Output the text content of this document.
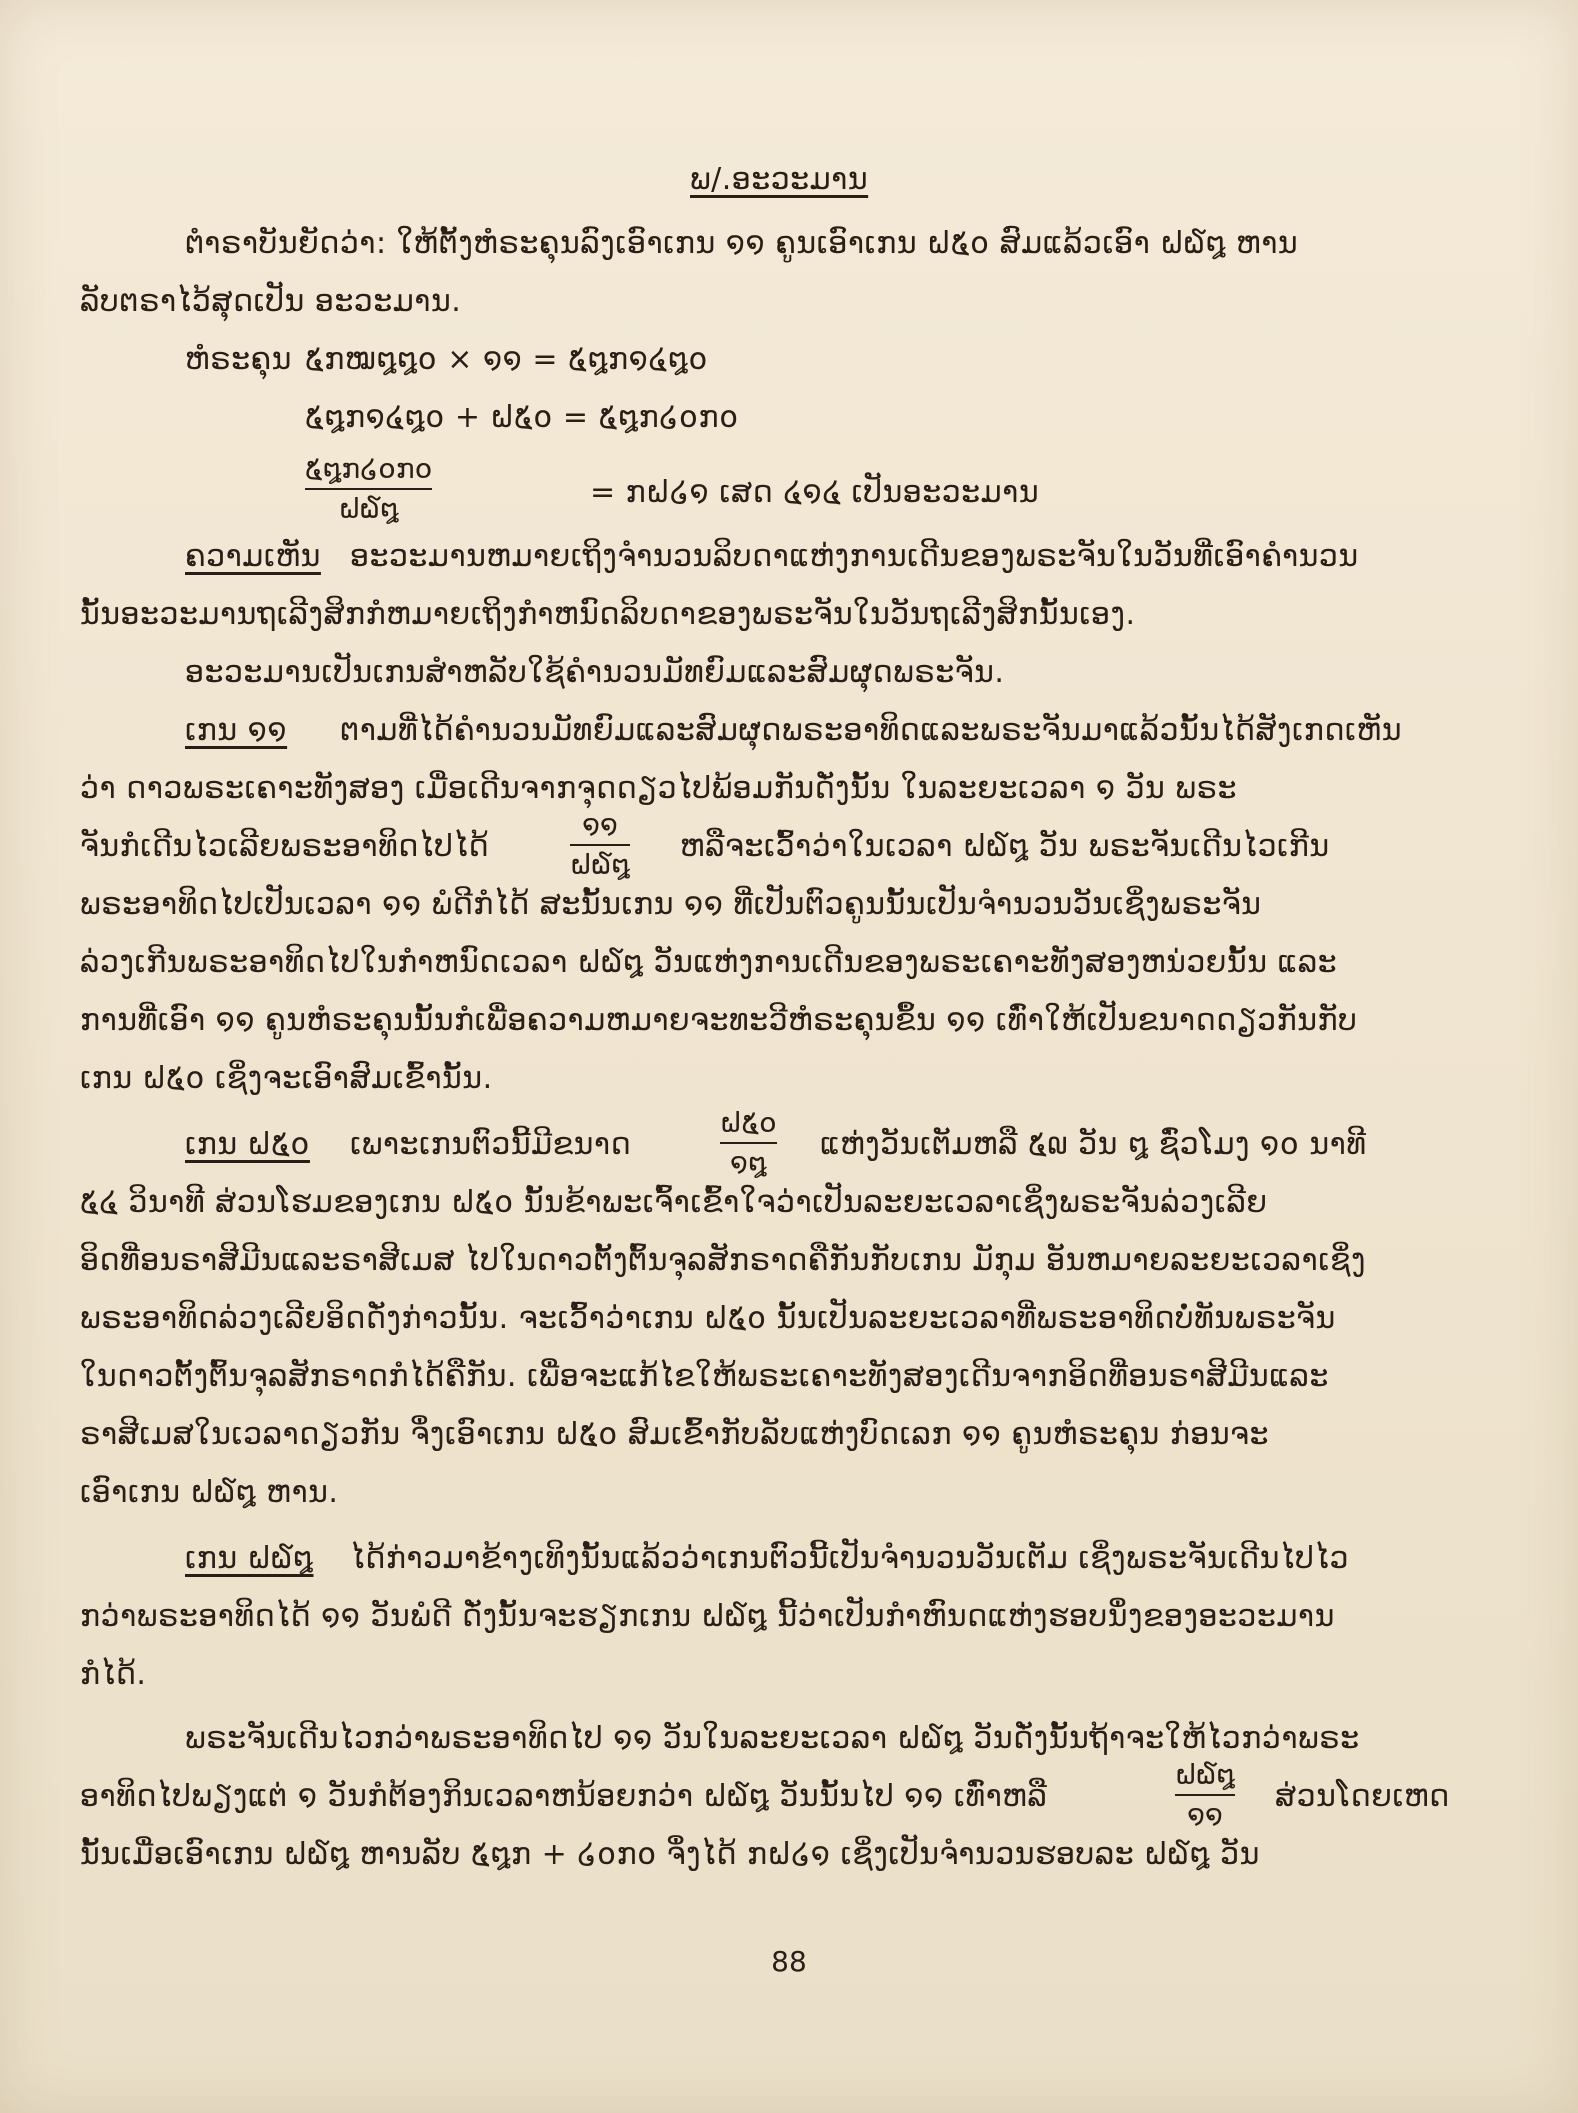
ພ/.ອະວະມານ
ຕຳຣາບັນຍັດວ່າ: ໃຫ້ຕັ້ງຫໍຣະຄຸນລົງເອົາເກນ ໑໑ ຄູນເອົາເກນ ຝ໕໐ ສົມແລ້ວເອົາ ຝ໖໘ ຫານ
ລັບຕຣາໄວ້ສຸດເປັນ ອະວະມານ.
ຫໍຣະຄຸນ ໕ກໝ໘໘໐ × ໑໑ = ໕໘ກ໑໔໘໐
໕໘ກ໑໔໘໐ + ຝ໕໐ = ໕໘ກ໒໐ກ໐
໕໘ກ໒໐ກ໐
ຝ໖໘	= ກຝ໒໑ ເສດ ໔໑໔ ເປັນອະວະມານ
ຄວາມເຫັນ ອະວະມານຫມາຍເຖິງຈຳນວນລິບດາແຫ່ງການເດີນຂອງພຣະຈັນໃນວັນທີ່ເອົາຄຳນວນ
ນັ້ນອະວະມານຖເລີງສິກກໍຫມາຍເຖິງກຳຫນົດລິບດາຂອງພຣະຈັນໃນວັນຖເລີງສິກນັ້ນເອງ.
ອະວະມານເປັນເກນສຳຫລັບໃຊ້ຄຳນວນມັທຍົມແລະສົມຜຸດພຣະຈັນ.
ເກນ ໑໑ ຕາມທີ່ໄດ້ຄຳນວນມັທຍົມແລະສົມຜຸດພຣະອາທິດແລະພຣະຈັນມາແລ້ວນັ້ນໄດ້ສັງເກດເຫັນ
ວ່າ ດາວພຣະເຄາະທັງສອງ ເມື່ອເດີນຈາກຈຸດດຽວໄປພ້ອມກັນດັ່ງນັ້ນ ໃນລະຍະເວລາ ໑ ວັນ ພຣະ
ຈັນກໍເດີນໄວເລີຍພຣະອາທິດໄປໄດ້
໑໑
ຝ໖໘
ຫລືຈະເວົ້າວ່າໃນເວລາ ຝ໖໘ ວັນ ພຣະຈັນເດີນໄວເກີນ
ພຣະອາທິດໄປເປັນເວລາ ໑໑ ພໍດີກໍໄດ້ ສະນັ້ນເກນ ໑໑ ທີ່ເປັນຕົວຄູນນັ້ນເປັນຈຳນວນວັນເຊິ່ງພຣະຈັນ
ລ່ວງເກີນພຣະອາທິດໄປໃນກຳຫນົດເວລາ ຝ໖໘ ວັນແຫ່ງການເດີນຂອງພຣະເຄາະທັງສອງຫນ່ວຍນັ້ນ ແລະ
ການທີ່ເອົາ ໑໑ ຄູນຫໍຣະຄຸນນັ້ນກໍເພື່ອຄວາມຫມາຍຈະທະວີຫໍຣະຄຸນຂຶ້ນ ໑໑ ເທົ່າໃຫ້ເປັນຂນາດດຽວກັນກັບ
ເກນ ຝ໕໐ ເຊິ່ງຈະເອົາສົມເຂົ້ານັ້ນ.
ເກນ ຝ໕໐ ເພາະເກນຕົວນີ້ມີຂນາດ
ຝ໕໐
໑໘
ແຫ່ງວັນເຕັມຫລື ໕໙ ວັນ ໘ ຊົ່ວໂມງ ໑໐ ນາທີ
໕໔ ວິນາທີ ສ່ວນໂຮມຂອງເກນ ຝ໕໐ ນັ້ນຂ້າພະເຈົ້າເຂົ້າໃຈວ່າເປັນລະຍະເວລາເຊິ່ງພຣະຈັນລ່ວງເລີຍ
ອິດທີ່ອນຣາສີມີນແລະຣາສີເມສ ໄປໃນດາວຕັ້ງຕົ້ນຈຸລສັກຣາດຄືກັນກັບເກນ ມັກຸມ ອັນຫມາຍລະຍະເວລາເຊິ່ງ
ພຣະອາທິດລ່ວງເລີຍອິດດັ່ງກ່າວນັ້ນ. ຈະເວົ້າວ່າເກນ ຝ໕໐ ນັ້ນເປັນລະຍະເວລາທີ່ພຣະອາທິດບໍ່ທັນພຣະຈັນ
ໃນດາວຕັ້ງຕົ້ນຈຸລສັກຣາດກໍໄດ້ຄືກັນ. ເພື່ອຈະແກ້ໄຂໃຫ້ພຣະເຄາະທັງສອງເດີນຈາກອິດທີ່ອນຣາສີມີນແລະ
ຣາສີເມສໃນເວລາດຽວກັນ ຈຶ່ງເອົາເກນ ຝ໕໐ ສົມເຂົ້າກັບລັບແຫ່ງບົດເລກ ໑໑ ຄູນຫໍຣະຄຸນ ກ່ອນຈະ
ເອົາເກນ ຝ໖໘ ຫານ.
ເກນ ຝ໖໘ ໄດ້ກ່າວມາຂ້າງເທິງນັ້ນແລ້ວວ່າເກນຕົວນີ້ເປັນຈຳນວນວັນເຕັມ ເຊິ່ງພຣະຈັນເດີນໄປໄວ
ກວ່າພຣະອາທິດໄດ້ ໑໑ ວັນພໍດີ ດັ່ງນັ້ນຈະຮຽກເກນ ຝ໖໘ ນີ້ວ່າເປັນກຳຫົນດແຫ່ງຮອບນຶ່ງຂອງອະວະມານ
ກໍໄດ້.
ພຣະຈັນເດີນໄວກວ່າພຣະອາທິດໄປ ໑໑ ວັນໃນລະຍະເວລາ ຝ໖໘ ວັນດັ່ງນັ້ນຖ້າຈະໃຫ້ໄວກວ່າພຣະ
ອາທິດໄປພຽງແຕ່ ໑ ວັນກໍຕ້ອງກິນເວລາຫນ້ອຍກວ່າ ຝ໖໘ ວັນນັ້ນໄປ ໑໑ ເທົ່າຫລື
ຝ໖໘
໑໑
ສ່ວນໂດຍເຫດ
ນັ້ນເມື່ອເອົາເກນ ຝ໖໘ ຫານລັບ ໕໘ກ + ໒໐ກ໐ ຈຶ່ງໄດ້ ກຝ໒໑ ເຊິ່ງເປັນຈຳນວນຮອບລະ ຝ໖໘ ວັນ
88
